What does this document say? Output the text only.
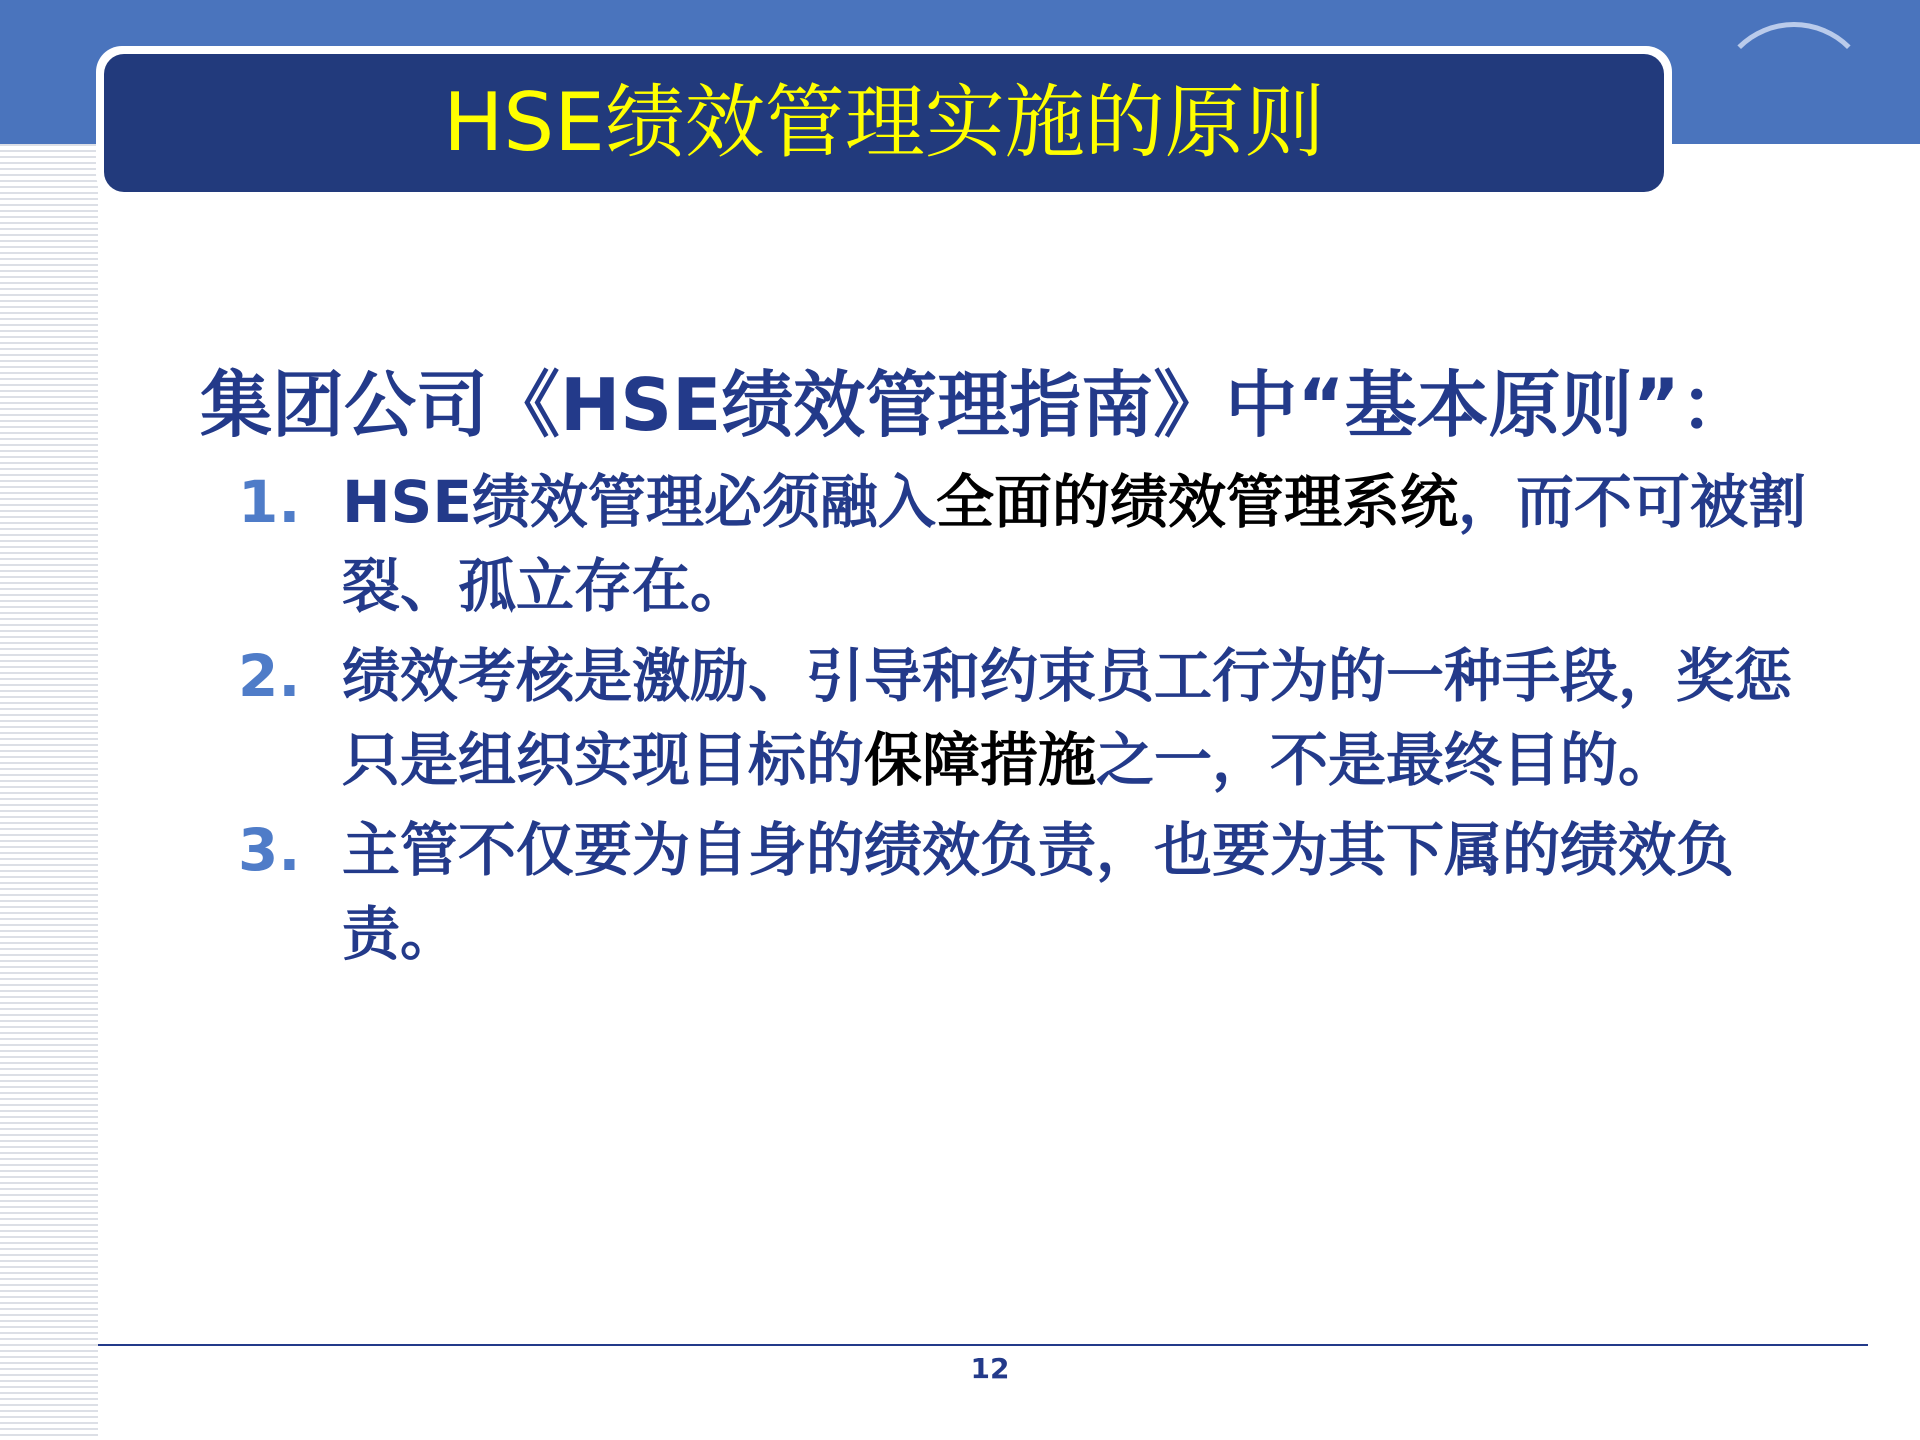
HSE绩效管理实施的原则

集团公司《HSE绩效管理指南》中“基本原则”：

1. HSE绩效管理必须融入全面的绩效管理系统，而不可被割裂、孤立存在。
2. 绩效考核是激励、引导和约束员工行为的一种手段，奖惩只是组织实现目标的保障措施之一，不是最终目的。
3. 主管不仅要为自身的绩效负责，也要为其下属的绩效负责。
12
